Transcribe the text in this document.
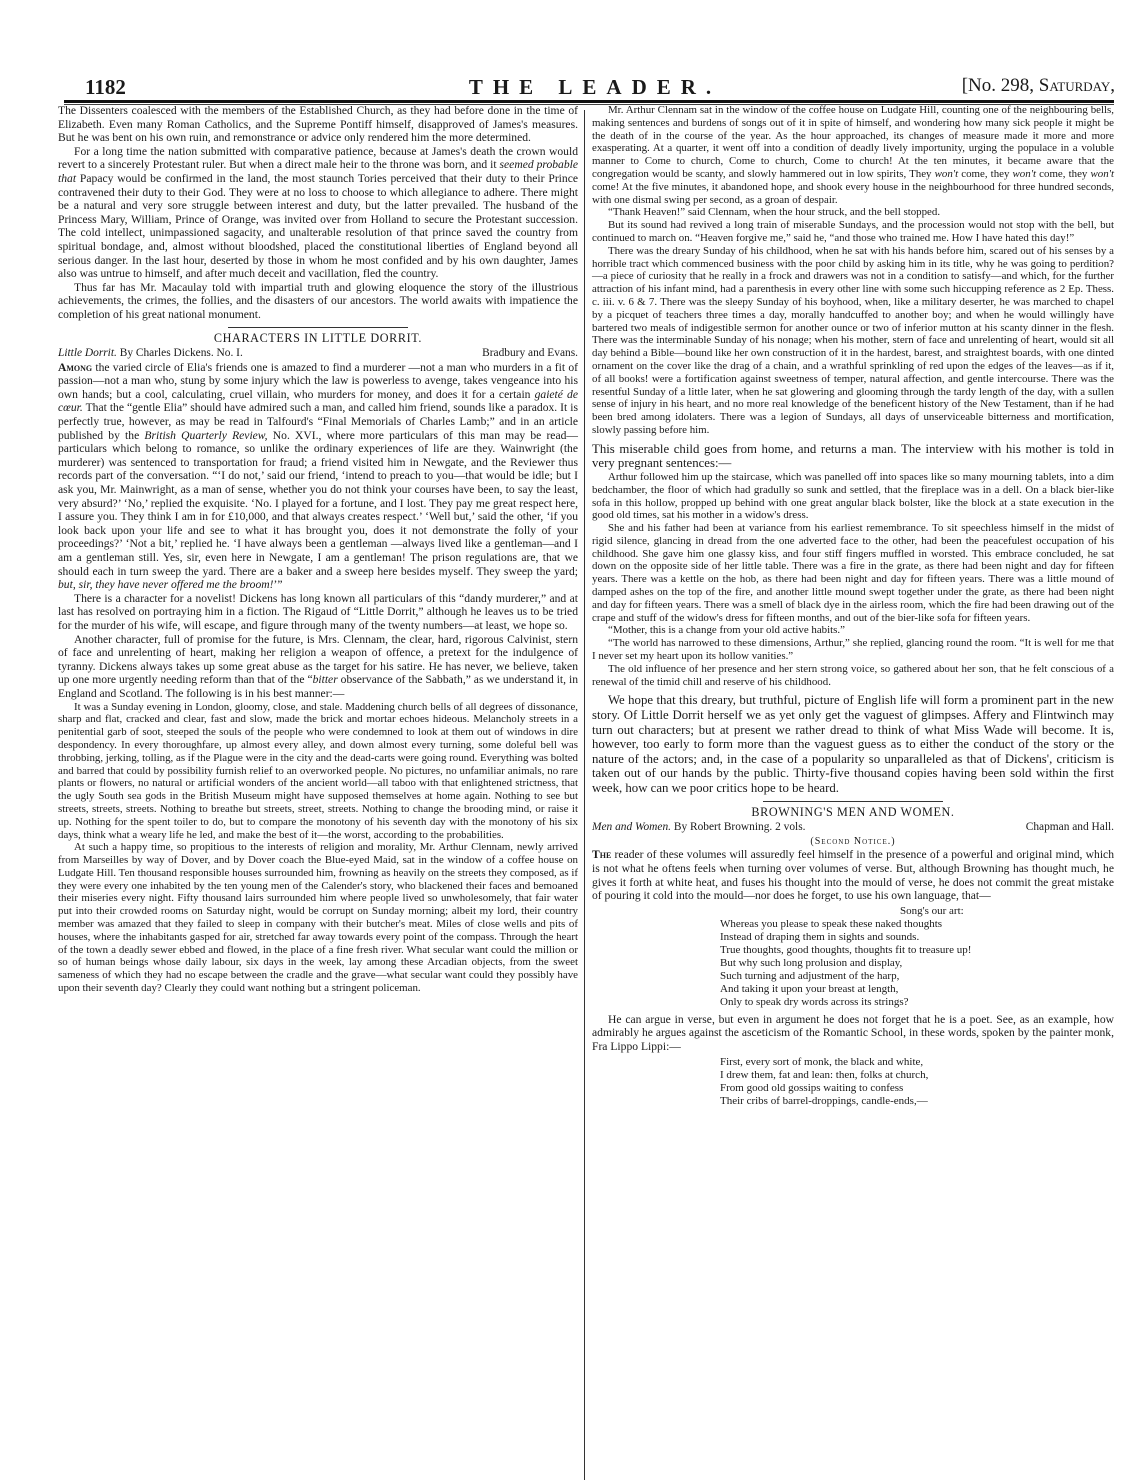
1182	THE LEADER.	[No. 298, Saturday,

The Dissenters coalesced with the members of the Established Church, as they had before done in the time of Elizabeth. Even many Roman Catholics, and the Supreme Pontiff himself, disapproved of James's measures. But he was bent on his own ruin, and remonstrance or advice only rendered him the more determined.

For a long time the nation submitted with comparative patience, because at James's death the crown would revert to a sincerely Protestant ruler. But when a direct male heir to the throne was born, and it seemed probable that Papacy would be confirmed in the land, the most staunch Tories perceived that their duty to their Prince contravened their duty to their God. They were at no loss to choose to which allegiance to adhere. There might be a natural and very sore struggle between interest and duty, but the latter prevailed. The husband of the Princess Mary, William, Prince of Orange, was invited over from Holland to secure the Protestant succession. The cold intellect, unimpassioned sagacity, and unalterable resolution of that prince saved the country from spiritual bondage, and, almost without bloodshed, placed the constitutional liberties of England beyond all serious danger. In the last hour, deserted by those in whom he most confided and by his own daughter, James also was untrue to himself, and after much deceit and vacillation, fled the country.

Thus far has Mr. Macaulay told with impartial truth and glowing eloquence the story of the illustrious achievements, the crimes, the follies, and the disasters of our ancestors. The world awaits with impatience the completion of his great national monument.

CHARACTERS IN LITTLE DORRIT.
Little Dorrit. By Charles Dickens. No. I.	Bradbury and Evans.

Among the varied circle of Elia's friends one is amazed to find a murderer —not a man who murders in a fit of passion—not a man who, stung by some injury which the law is powerless to avenge, takes vengeance into his own hands; but a cool, calculating, cruel villain, who murders for money, and does it for a certain gaieté de cœur. That the “gentle Elia” should have admired such a man, and called him friend, sounds like a paradox. It is perfectly true, however, as may be read in Talfourd's “Final Memorials of Charles Lamb;” and in an article published by the British Quarterly Review, No. XVI., where more particulars of this man may be read—particulars which belong to romance, so unlike the ordinary experiences of life are they. Wainwright (the murderer) was sentenced to transportation for fraud; a friend visited him in Newgate, and the Reviewer thus records part of the conversation. “‘I do not,’ said our friend, ‘intend to preach to you—that would be idle; but I ask you, Mr. Mainwright, as a man of sense, whether you do not think your courses have been, to say the least, very absurd?’ ‘No,’ replied the exquisite. ‘No. I played for a fortune, and I lost. They pay me great respect here, I assure you. They think I am in for £10,000, and that always creates respect.’ ‘Well but,’ said the other, ‘if you look back upon your life and see to what it has brought you, does it not demonstrate the folly of your proceedings?’ ‘Not a bit,’ replied he. ‘I have always been a gentleman —always lived like a gentleman—and I am a gentleman still. Yes, sir, even here in Newgate, I am a gentleman! The prison regulations are, that we should each in turn sweep the yard. There are a baker and a sweep here besides myself. They sweep the yard; but, sir, they have never offered me the broom!’”

There is a character for a novelist! Dickens has long known all particulars of this “dandy murderer,” and at last has resolved on portraying him in a fiction. The Rigaud of “Little Dorrit,” although he leaves us to be tried for the murder of his wife, will escape, and figure through many of the twenty numbers—at least, we hope so.

Another character, full of promise for the future, is Mrs. Clennam, the clear, hard, rigorous Calvinist, stern of face and unrelenting of heart, making her religion a weapon of offence, a pretext for the indulgence of tyranny. Dickens always takes up some great abuse as the target for his satire. He has never, we believe, taken up one more urgently needing reform than that of the “bitter observance of the Sabbath,” as we understand it, in England and Scotland. The following is in his best manner:—

It was a Sunday evening in London, gloomy, close, and stale. Maddening church bells of all degrees of dissonance, sharp and flat, cracked and clear, fast and slow, made the brick and mortar echoes hideous. Melancholy streets in a penitential garb of soot, steeped the souls of the people who were condemned to look at them out of windows in dire despondency. In every thoroughfare, up almost every alley, and down almost every turning, some doleful bell was throbbing, jerking, tolling, as if the Plague were in the city and the dead-carts were going round. Everything was bolted and barred that could by possibility furnish relief to an overworked people. No pictures, no unfamiliar animals, no rare plants or flowers, no natural or artificial wonders of the ancient world—all taboo with that enlightened strictness, that the ugly South sea gods in the British Museum might have supposed themselves at home again. Nothing to see but streets, streets, streets. Nothing to breathe but streets, street, streets. Nothing to change the brooding mind, or raise it up. Nothing for the spent toiler to do, but to compare the monotony of his seventh day with the monotony of his six days, think what a weary life he led, and make the best of it—the worst, according to the probabilities.

At such a happy time, so propitious to the interests of religion and morality, Mr. Arthur Clennam, newly arrived from Marseilles by way of Dover, and by Dover coach the Blue-eyed Maid, sat in the window of a coffee house on Ludgate Hill. Ten thousand responsible houses surrounded him, frowning as heavily on the streets they composed, as if they were every one inhabited by the ten young men of the Calender's story, who blackened their faces and bemoaned their miseries every night. Fifty thousand lairs surrounded him where people lived so unwholesomely, that fair water put into their crowded rooms on Saturday night, would be corrupt on Sunday morning; albeit my lord, their country member was amazed that they failed to sleep in company with their butcher's meat. Miles of close wells and pits of houses, where the inhabitants gasped for air, stretched far away towards every point of the compass. Through the heart of the town a deadly sewer ebbed and flowed, in the place of a fine fresh river. What secular want could the million or so of human beings whose daily labour, six days in the week, lay among these Arcadian objects, from the sweet sameness of which they had no escape between the cradle and the grave—what secular want could they possibly have upon their seventh day? Clearly they could want nothing but a stringent policeman.

Mr. Arthur Clennam sat in the window of the coffee house on Ludgate Hill, counting one of the neighbouring bells, making sentences and burdens of songs out of it in spite of himself, and wondering how many sick people it might be the death of in the course of the year. As the hour approached, its changes of measure made it more and more exasperating. At a quarter, it went off into a condition of deadly lively importunity, urging the populace in a voluble manner to Come to church, Come to church, Come to church! At the ten minutes, it became aware that the congregation would be scanty, and slowly hammered out in low spirits, They won't come, they won't come, they won't come! At the five minutes, it abandoned hope, and shook every house in the neighbourhood for three hundred seconds, with one dismal swing per second, as a groan of despair.

“Thank Heaven!” said Clennam, when the hour struck, and the bell stopped.

But its sound had revived a long train of miserable Sundays, and the procession would not stop with the bell, but continued to march on. “Heaven forgive me,” said he, “and those who trained me. How I have hated this day!”

There was the dreary Sunday of his childhood, when he sat with his hands before him, scared out of his senses by a horrible tract which commenced business with the poor child by asking him in its title, why he was going to perdition?—a piece of curiosity that he really in a frock and drawers was not in a condition to satisfy—and which, for the further attraction of his infant mind, had a parenthesis in every other line with some such hiccupping reference as 2 Ep. Thess. c. iii. v. 6 & 7. There was the sleepy Sunday of his boyhood, when, like a military deserter, he was marched to chapel by a picquet of teachers three times a day, morally handcuffed to another boy; and when he would willingly have bartered two meals of indigestible sermon for another ounce or two of inferior mutton at his scanty dinner in the flesh. There was the interminable Sunday of his nonage; when his mother, stern of face and unrelenting of heart, would sit all day behind a Bible—bound like her own construction of it in the hardest, barest, and straightest boards, with one dinted ornament on the cover like the drag of a chain, and a wrathful sprinkling of red upon the edges of the leaves—as if it, of all books! were a fortification against sweetness of temper, natural affection, and gentle intercourse. There was the resentful Sunday of a little later, when he sat glowering and glooming through the tardy length of the day, with a sullen sense of injury in his heart, and no more real knowledge of the beneficent history of the New Testament, than if he had been bred among idolaters. There was a legion of Sundays, all days of unserviceable bitterness and mortification, slowly passing before him.

This miserable child goes from home, and returns a man. The interview with his mother is told in very pregnant sentences:—

Arthur followed him up the staircase, which was panelled off into spaces like so many mourning tablets, into a dim bedchamber, the floor of which had gradully so sunk and settled, that the fireplace was in a dell. On a black bier-like sofa in this hollow, propped up behind with one great angular black bolster, like the block at a state execution in the good old times, sat his mother in a widow's dress.

She and his father had been at variance from his earliest remembrance. To sit speechless himself in the midst of rigid silence, glancing in dread from the one adverted face to the other, had been the peacefulest occupation of his childhood. She gave him one glassy kiss, and four stiff fingers muffled in worsted. This embrace concluded, he sat down on the opposite side of her little table. There was a fire in the grate, as there had been night and day for fifteen years. There was a kettle on the hob, as there had been night and day for fifteen years. There was a little mound of damped ashes on the top of the fire, and another little mound swept together under the grate, as there had been night and day for fifteen years. There was a smell of black dye in the airless room, which the fire had been drawing out of the crape and stuff of the widow's dress for fifteen months, and out of the bier-like sofa for fifteen years.

“Mother, this is a change from your old active habits.”

“The world has narrowed to these dimensions, Arthur,” she replied, glancing round the room. “It is well for me that I never set my heart upon its hollow vanities.”

The old influence of her presence and her stern strong voice, so gathered about her son, that he felt conscious of a renewal of the timid chill and reserve of his childhood.

We hope that this dreary, but truthful, picture of English life will form a prominent part in the new story. Of Little Dorrit herself we as yet only get the vaguest of glimpses. Affery and Flintwinch may turn out characters; but at present we rather dread to think of what Miss Wade will become. It is, however, too early to form more than the vaguest guess as to either the conduct of the story or the nature of the actors; and, in the case of a popularity so unparalleled as that of Dickens', criticism is taken out of our hands by the public. Thirty-five thousand copies having been sold within the first week, how can we poor critics hope to be heard.

BROWNING'S MEN AND WOMEN.
Men and Women. By Robert Browning. 2 vols.	Chapman and Hall.
(Second Notice.)

The reader of these volumes will assuredly feel himself in the presence of a powerful and original mind, which is not what he oftens feels when turning over volumes of verse. But, although Browning has thought much, he gives it forth at white heat, and fuses his thought into the mould of verse, he does not commit the great mistake of pouring it cold into the mould—nor does he forget, to use his own language, that—

Song's our art:
Whereas you please to speak these naked thoughts
Instead of draping them in sights and sounds.
True thoughts, good thoughts, thoughts fit to treasure up!
But why such long prolusion and display,
Such turning and adjustment of the harp,
And taking it upon your breast at length,
Only to speak dry words across its strings?

He can argue in verse, but even in argument he does not forget that he is a poet. See, as an example, how admirably he argues against the asceticism of the Romantic School, in these words, spoken by the painter monk, Fra Lippo Lippi:—

First, every sort of monk, the black and white,
I drew them, fat and lean: then, folks at church,
From good old gossips waiting to confess
Their cribs of barrel-droppings, candle-ends,—
